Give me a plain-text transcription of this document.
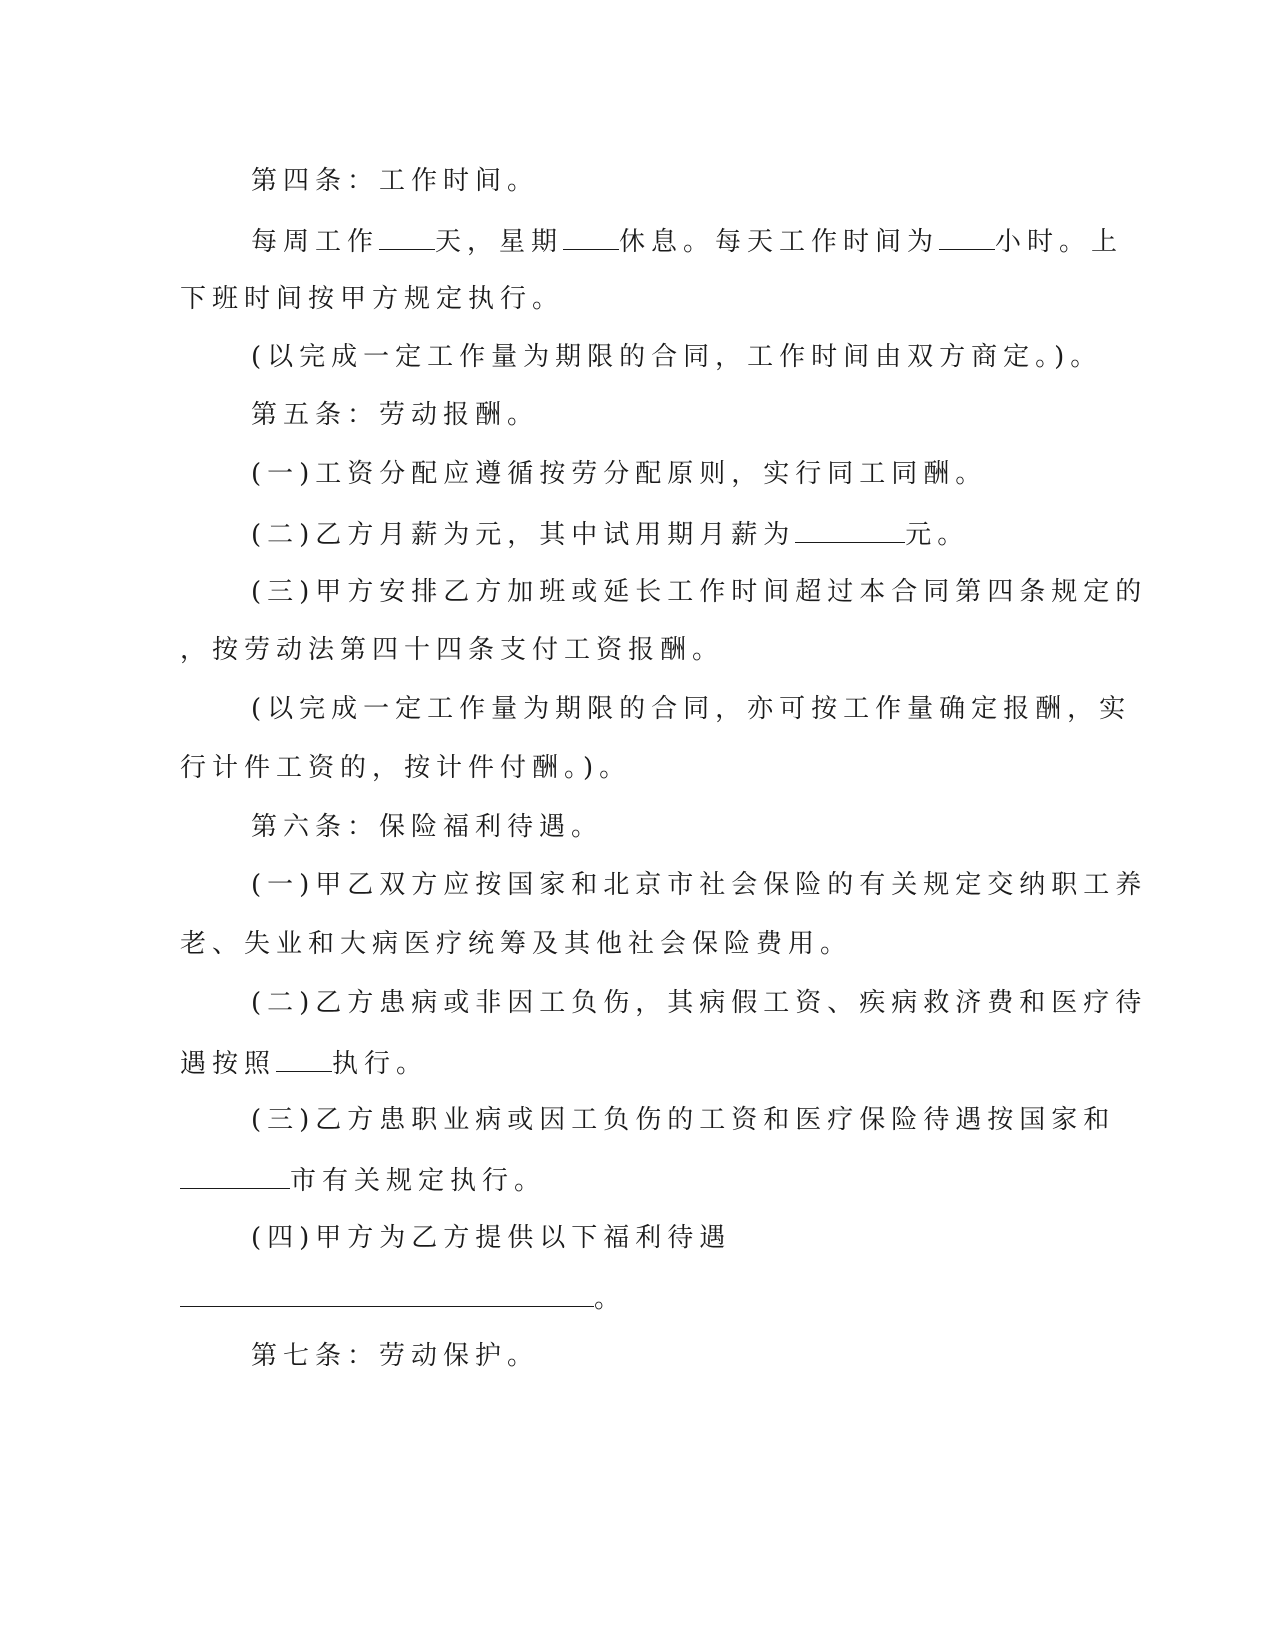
第四条：工作时间。
每周工作 天，星期 休息。每天工作时间为 小时。上
下班时间按甲方规定执行。
(以完成一定工作量为期限的合同，工作时间由双方商定。)。
第五条：劳动报酬。
(一)工资分配应遵循按劳分配原则，实行同工同酬。
(二)乙方月薪为元，其中试用期月薪为	元。
(三)甲方安排乙方加班或延长工作时间超过本合同第四条规定的
，按劳动法第四十四条支付工资报酬。
(以完成一定工作量为期限的合同，亦可按工作量确定报酬，实
行计件工资的，按计件付酬。)。
第六条：保险福利待遇。
(一)甲乙双方应按国家和北京市社会保险的有关规定交纳职工养
老、失业和大病医疗统筹及其他社会保险费用。
(二)乙方患病或非因工负伤，其病假工资、疾病救济费和医疗待
遇按照 执行。
(三)乙方患职业病或因工负伤的工资和医疗保险待遇按国家和
市有关规定执行。
(四)甲方为乙方提供以下福利待遇
。
第七条：劳动保护。
